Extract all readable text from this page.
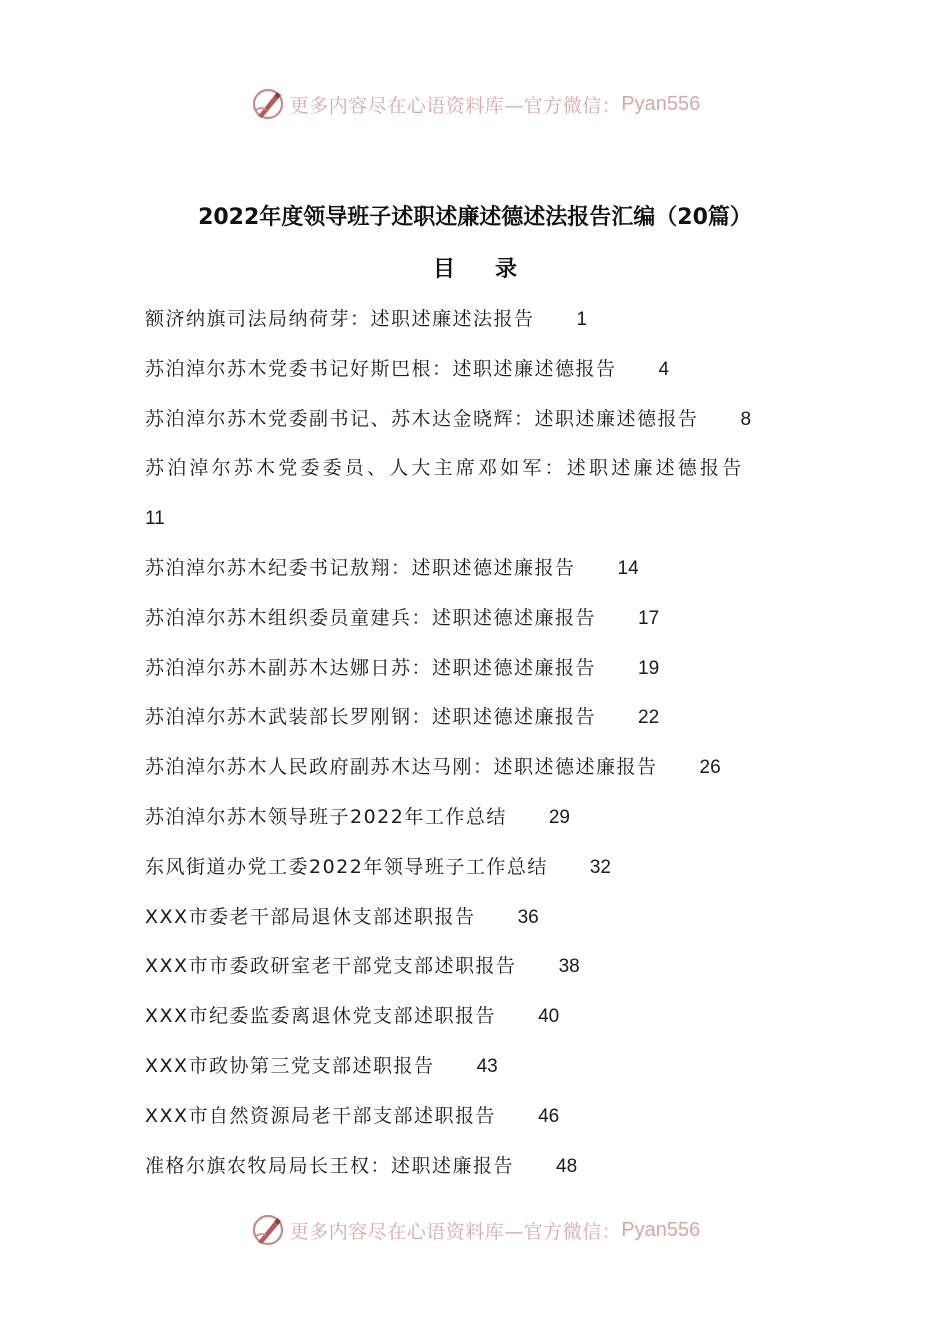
更多内容尽在心语资料库—官方微信： Pyan556
2022年度领导班子述职述廉述德述法报告汇编（20篇）
目录
额济纳旗司法局纳荷芽：述职述廉述法报告 1
苏泊淖尔苏木党委书记好斯巴根：述职述廉述德报告 4
苏泊淖尔苏木党委副书记、苏木达金晓辉：述职述廉述德报告 8
苏泊淖尔苏木党委委员、人大主席邓如军：述职述廉述德报告
11
苏泊淖尔苏木纪委书记敖翔：述职述德述廉报告 14
苏泊淖尔苏木组织委员童建兵：述职述德述廉报告 17
苏泊淖尔苏木副苏木达娜日苏：述职述德述廉报告 19
苏泊淖尔苏木武装部长罗刚钢：述职述德述廉报告 22
苏泊淖尔苏木人民政府副苏木达马刚：述职述德述廉报告 26
苏泊淖尔苏木领导班子2022年工作总结 29
东风街道办党工委2022年领导班子工作总结 32
XXX市委老干部局退休支部述职报告 36
XXX市市委政研室老干部党支部述职报告 38
XXX市纪委监委离退休党支部述职报告 40
XXX市政协第三党支部述职报告 43
XXX市自然资源局老干部支部述职报告 46
准格尔旗农牧局局长王权：述职述廉报告 48
更多内容尽在心语资料库—官方微信： Pyan556
